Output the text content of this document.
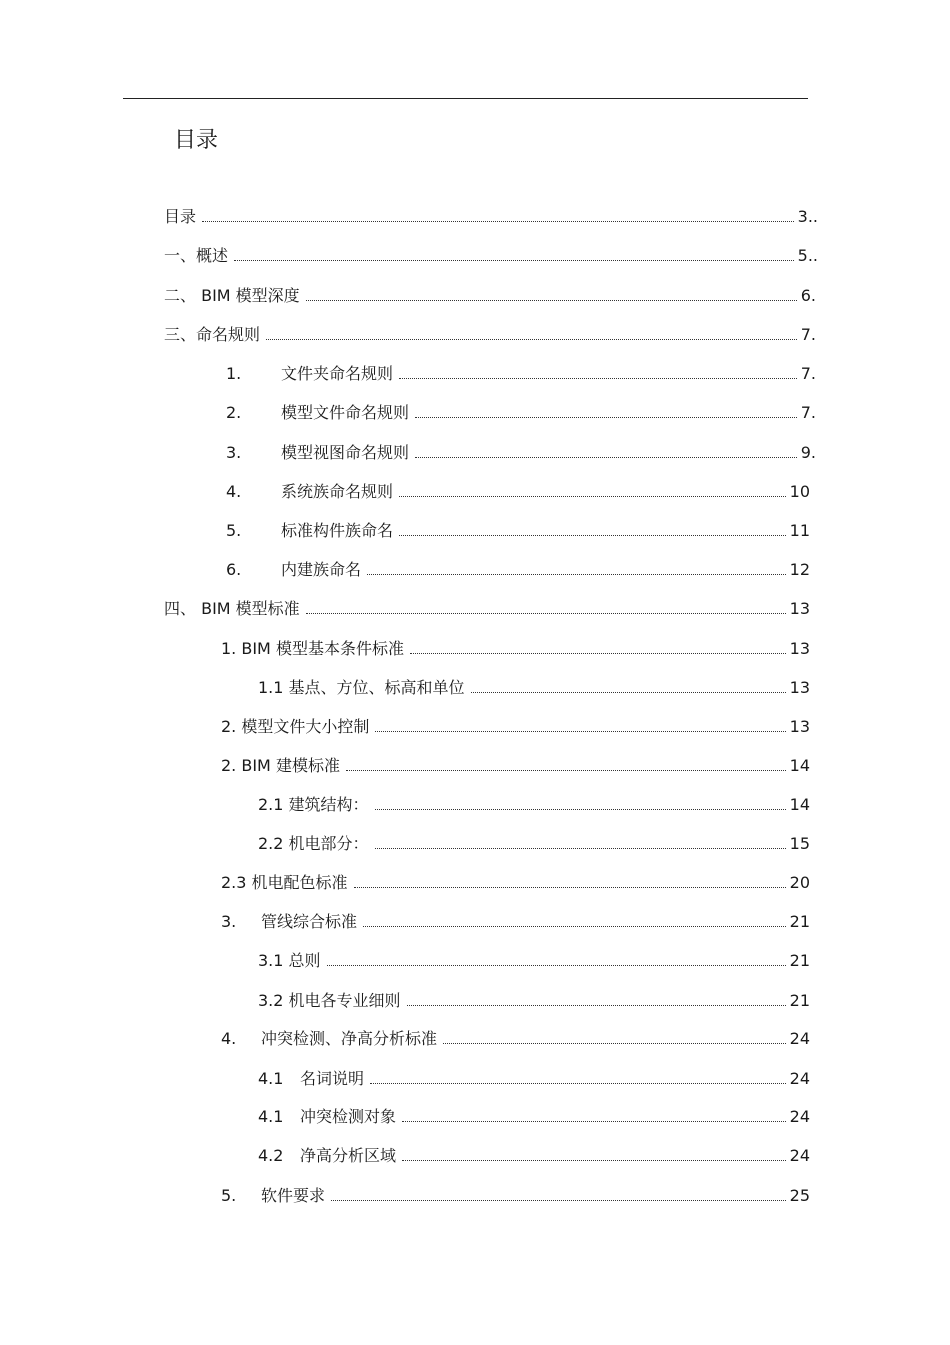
目录
目录	3..
一、概述	5..
二、 BIM 模型深度	6.
三、命名规则	7.
1.	文件夹命名规则	7.
2.	模型文件命名规则	7.
3.	模型视图命名规则	9.
4.	系统族命名规则	10
5.	标准构件族命名	11
6.	内建族命名	12
四、 BIM 模型标准	13
1. BIM 模型基本条件标准	13
1.1 基点、方位、标高和单位	13
2. 模型文件大小控制	13
2. BIM 建模标准	14
2.1 建筑结构：	14
2.2 机电部分：	15
2.3 机电配色标准	20
3.	管线综合标准	21
3.1 总则	21
3.2 机电各专业细则	21
4.	冲突检测、净高分析标准	24
4.1	名词说明	24
4.1	冲突检测对象	24
4.2	净高分析区域	24
5.	软件要求	25
